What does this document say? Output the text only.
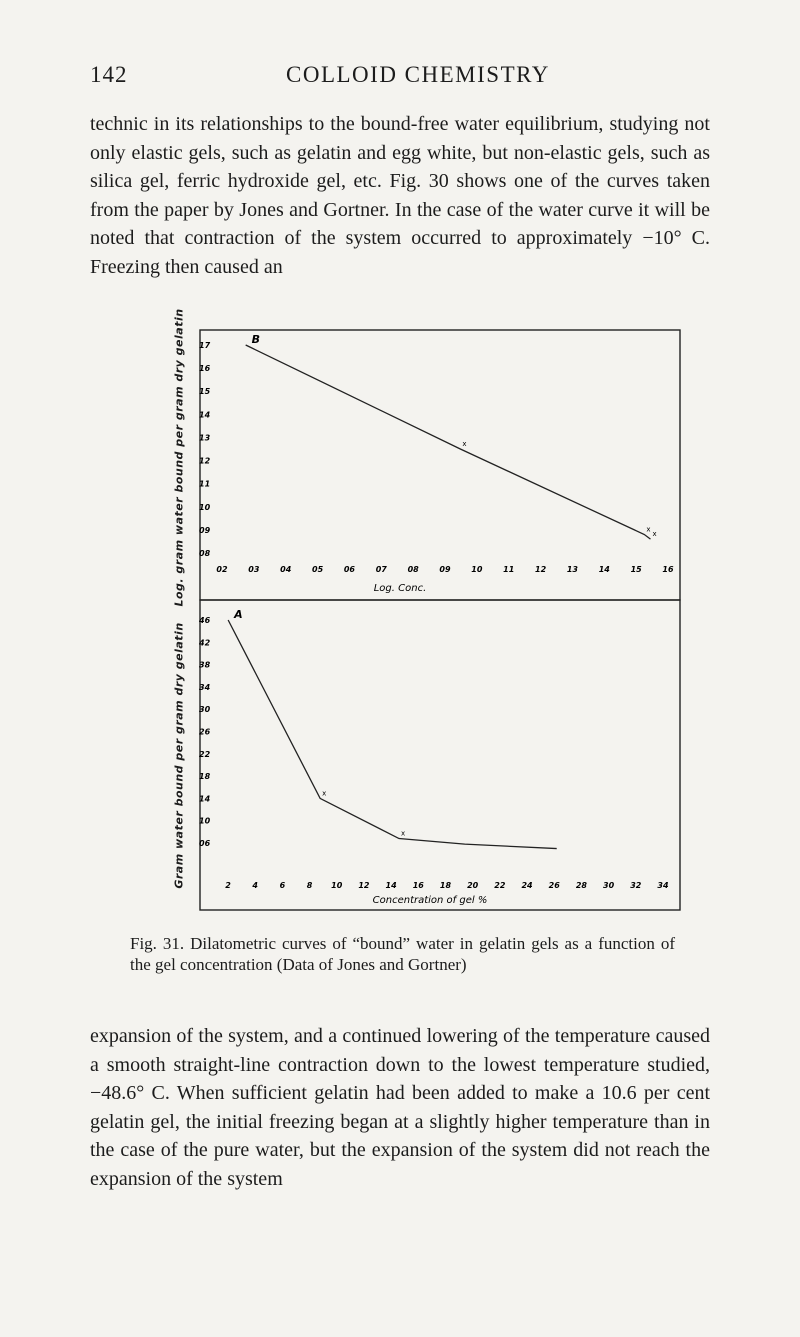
142	COLLOID CHEMISTRY

technic in its relationships to the bound-free water equilibrium, studying not only elastic gels, such as gelatin and egg white, but non-elastic gels, such as silica gel, ferric hydroxide gel, etc. Fig. 30 shows one of the curves taken from the paper by Jones and Gortner. In the case of the water curve it will be noted that contraction of the system occurred to approximately −10° C. Freezing then caused an

17
16
15
14
13
12
11
10
09
08
02	03	04	05	06	07	08	09	10	11	12	13	14	15	16
x
x
x
B
46
42
38
34
30
26
22
18
14
10
06
2	4	6	8 10 12 14 16 18 20 22 24 26 28 30 32 34
x
x
A
Log. Conc.
Concentration of gel %
Log. gram water bound per gram dry gelatin
Gram water bound per gram dry gelatin

Fig. 31. Dilatometric curves of “bound” water in gelatin gels as a function of the gel concentration (Data of Jones and Gortner)

expansion of the system, and a continued lowering of the temperature caused a smooth straight-line contraction down to the lowest temperature studied, −48.6° C. When sufficient gelatin had been added to make a 10.6 per cent gelatin gel, the initial freezing began at a slightly higher temperature than in the case of the pure water, but the expansion of the system did not reach the expansion of the system
